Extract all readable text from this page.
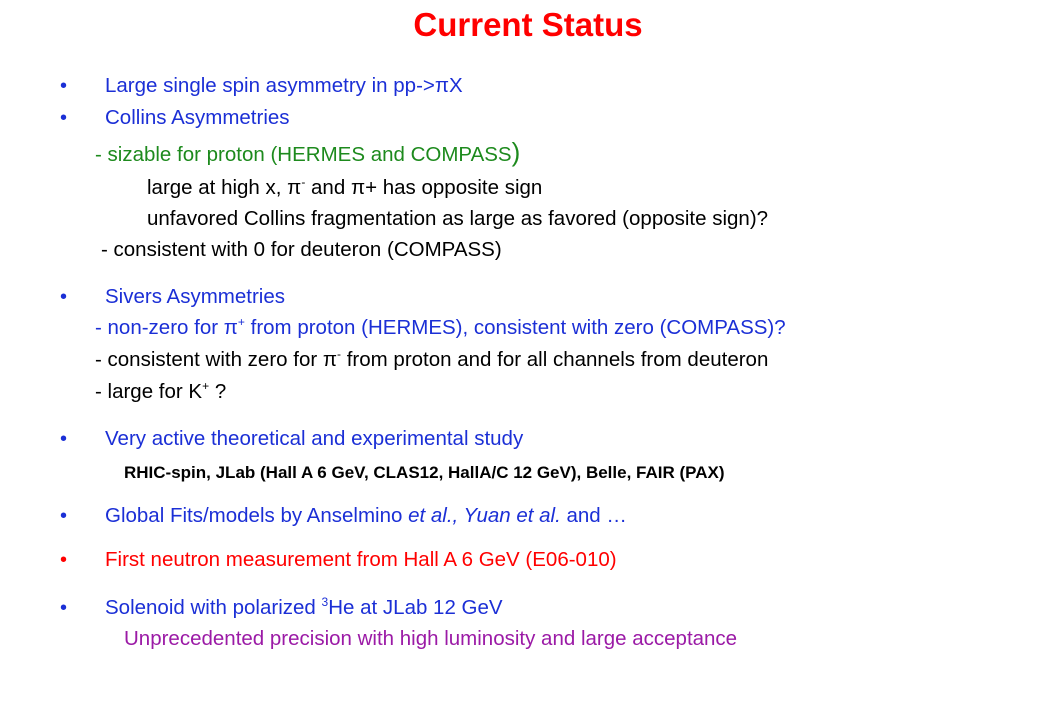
Current Status
• Large single spin asymmetry in pp->πX
• Collins Asymmetries
- sizable for proton (HERMES and COMPASS)
large at high x, π- and π+ has opposite sign
unfavored Collins fragmentation as large as favored (opposite sign)?
- consistent with 0 for deuteron (COMPASS)
• Sivers Asymmetries
- non-zero for π+ from proton (HERMES), consistent with zero (COMPASS)?
- consistent with zero for π- from proton and for all channels from deuteron
- large for K+ ?
• Very active theoretical and experimental study
RHIC-spin, JLab (Hall A 6 GeV, CLAS12, HallA/C 12 GeV), Belle, FAIR (PAX)
• Global Fits/models by Anselmino et al., Yuan et al. and …
• First neutron measurement from Hall A 6 GeV (E06-010)
• Solenoid with polarized $^3$He at JLab 12 GeV
Unprecedented precision with high luminosity and large acceptance
